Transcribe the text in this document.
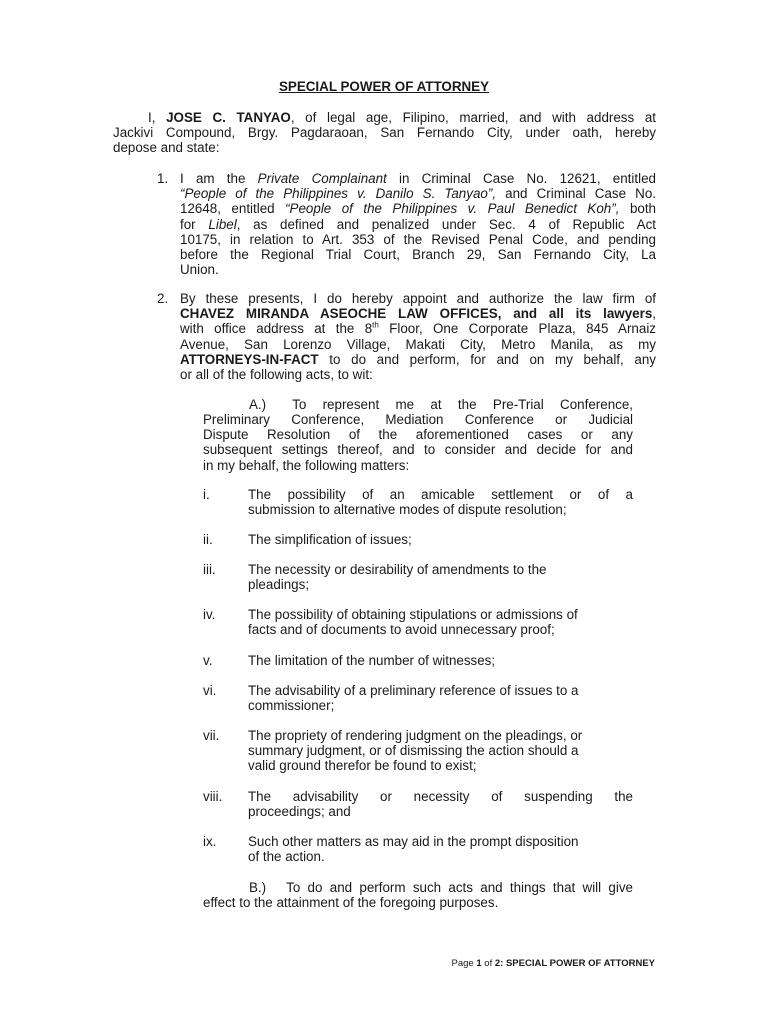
SPECIAL POWER OF ATTORNEY
I, JOSE C. TANYAO, of legal age, Filipino, married, and with address at
Jackivi Compound, Brgy. Pagdaraoan, San Fernando City, under oath, hereby
depose and state:
1. I am the Private Complainant in Criminal Case No. 12621, entitled
“People of the Philippines v. Danilo S. Tanyao”, and Criminal Case No.
12648, entitled “People of the Philippines v. Paul Benedict Koh”, both
for Libel, as defined and penalized under Sec. 4 of Republic Act
10175, in relation to Art. 353 of the Revised Penal Code, and pending
before the Regional Trial Court, Branch 29, San Fernando City, La
Union.
2. By these presents, I do hereby appoint and authorize the law firm of
CHAVEZ MIRANDA ASEOCHE LAW OFFICES, and all its lawyers,
with office address at the 8th Floor, One Corporate Plaza, 845 Arnaiz
Avenue, San Lorenzo Village, Makati City, Metro Manila, as my
ATTORNEYS-IN-FACT to do and perform, for and on my behalf, any
or all of the following acts, to wit:
A.) To represent me at the Pre-Trial Conference,
Preliminary Conference, Mediation Conference or Judicial
Dispute Resolution of the aforementioned cases or any
subsequent settings thereof, and to consider and decide for and
in my behalf, the following matters:
i.	The possibility of an amicable settlement or of a
submission to alternative modes of dispute resolution;
ii.	The simplification of issues;
iii. The necessity or desirability of amendments to the
pleadings;
iv. The possibility of obtaining stipulations or admissions of
facts and of documents to avoid unnecessary proof;
v.	The limitation of the number of witnesses;
vi. The advisability of a preliminary reference of issues to a
commissioner;
vii. The propriety of rendering judgment on the pleadings, or
summary judgment, or of dismissing the action should a
valid ground therefor be found to exist;
viii. The advisability or necessity of suspending the
proceedings; and
ix. Such other matters as may aid in the prompt disposition
of the action.
B.) To do and perform such acts and things that will give
effect to the attainment of the foregoing purposes.
Page 1 of 2: SPECIAL POWER OF ATTORNEY
